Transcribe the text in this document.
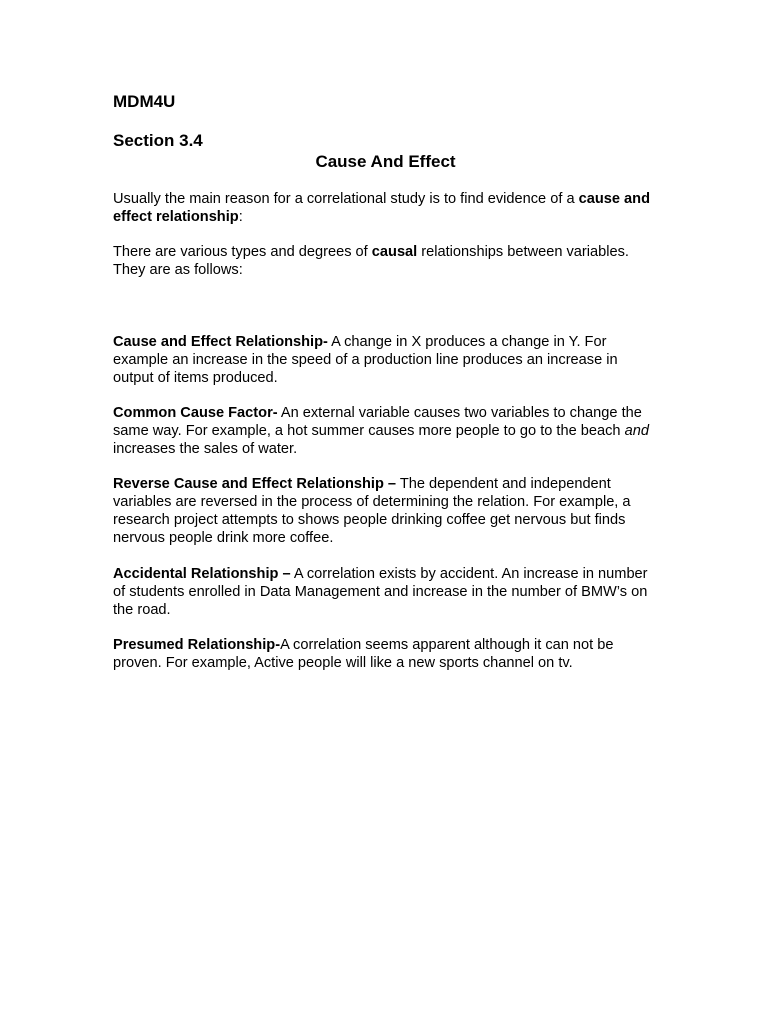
MDM4U
Section 3.4
Cause And Effect

Usually the main reason for a correlational study is to find evidence of a cause and effect relationship:

There are various types and degrees of causal relationships between variables. They are as follows:

Cause and Effect Relationship- A change in X produces a change in Y. For example an increase in the speed of a production line produces an increase in output of items produced.

Common Cause Factor- An external variable causes two variables to change the same way. For example, a hot summer causes more people to go to the beach and increases the sales of water.

Reverse Cause and Effect Relationship – The dependent and independent variables are reversed in the process of determining the relation. For example, a research project attempts to shows people drinking coffee get nervous but finds nervous people drink more coffee.

Accidental Relationship – A correlation exists by accident. An increase in number of students enrolled in Data Management and increase in the number of BMW’s on the road.

Presumed Relationship-A correlation seems apparent although it can not be proven. For example, Active people will like a new sports channel on tv.
